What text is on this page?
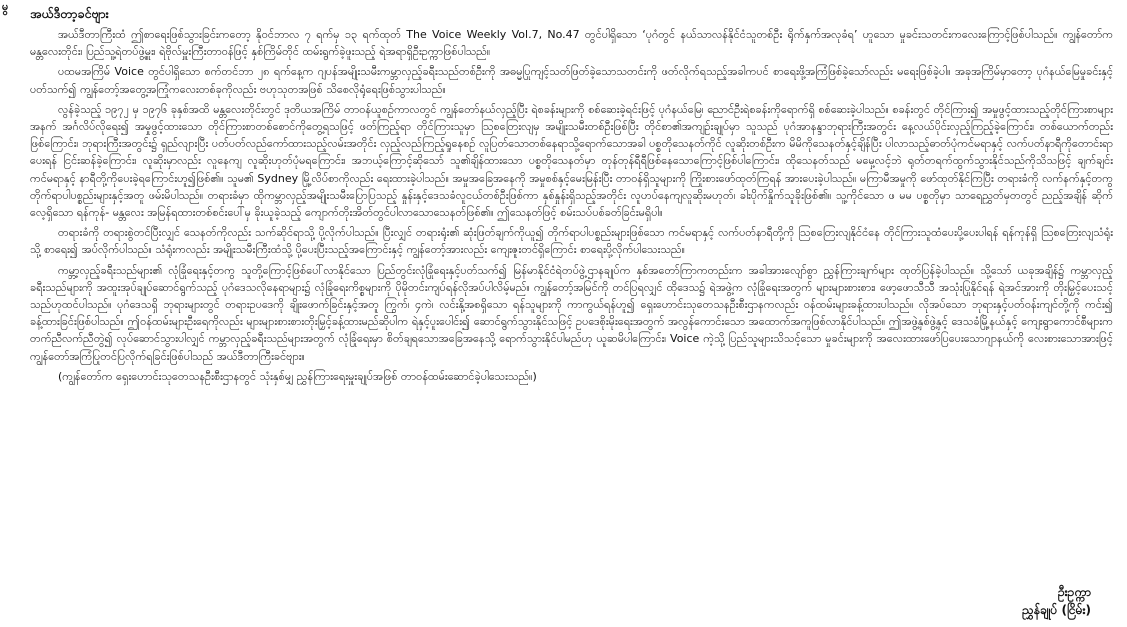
မွ အယ်ဒီတာ့ခင်ဗျား

အယ်ဒီတာကြီးထံ ဤစာရေးဖြစ်သွားခြင်းကတော့ နိုဝင်ဘာလ ၇ ရက်မှ ၁၃ ရက်ထုတ် The Voice Weekly Vol.7, No.47 တွင်ပါရှိသော ‘ပုဂံတွင် နယ်သာလန်နိုင်ငံသူတစ်ဦး ရိုက်နှက်အလုခံရ’ ဟူသော မှုခင်းသတင်းကလေးကြောင့်ဖြစ်ပါသည်။ ကျွန်တော်က မန္တလေးတိုင်း၊ ပြည်သူ့ရဲတပ်ဖွဲ့မှူး၊ ရဲဗိုလ်မှူးကြီးတာဝန်ဖြင့် နှစ်ကြိမ်တိုင် ထမ်းရွက်ခဲ့ဖူးသည့် ရဲအရာရှိဦးဥက္ကာဖြစ်ပါသည်။

ပထမအကြိမ် Voice တွင်ပါရှိသော စက်တင်ဘာ ၂၈ ရက်နေ့က ဂျပန်အမျိုးသမီးကမ္ဘာလှည့်ခရီးသည်တစ်ဦးကို အဓမ္မပြုကျင့်သတ်ဖြတ်ခဲ့သောသတင်းကို ဖတ်လိုက်ရသည့်အခါကပင် စာရေးဖို့အကြံဖြစ်ခဲ့သော်လည်း မရေးဖြစ်ခဲ့ပါ။ အခုအကြိမ်မှာတော့ ပုဂံနယ်မြေမှုခင်းနှင့်ပတ်သက်၍ ကျွန်တော့်အတွေ့အကြုံကလေးတစ်ခုကိုလည်း ဗဟုသုတအဖြစ် သိစေလိုရုံရေးဖြစ်သွားပါသည်။

လွန်ခဲ့သည့် ၁၉၇၂ မှ ၁၉၇၆ ခုနှစ်အထိ မန္တလေးတိုင်းတွင် ဒုတိယအကြိမ် တာဝန်ယူစဉ်ကာလတွင် ကျွန်တော်နယ်လှည့်ပြီး ရဲစခန်းများကို စစ်ဆေးခဲ့ရင်းဖြင့် ပုဂံနယ်မြေ၊ ညောင်ဦးရဲစခန်းကိုရောက်ရှိ စစ်ဆေးခဲ့ပါသည်။ စခန်းတွင် တိုင်ကြား၍ အမှုဖွင့်ထားသည့်တိုင်ကြားစာများအနက် အင်္ဂလိပ်လိုရေး၍ အမှုဖွင့်ထားသော တိုင်ကြားစာတစ်စောင်ကိုတွေ့ရသဖြင့် ဖတ်ကြည့်ရာ တိုင်ကြားသူမှာ ဩစတြေးလျမှ အမျိုးသမီးတစ်ဦးဖြစ်ပြီး တိုင်စာ၏အကျဉ်းချုပ်မှာ သူသည် ပုဂံအာနန္ဒာဘုရားကြီးအတွင်း နေ့လယ်ပိုင်းလှည့်ကြည့်ခဲ့ကြောင်း၊ တစ်ယောက်တည်းဖြစ်ကြောင်း၊ ဘုရားကြီးအတွင်း၌ ရှည်လျားပြီး ပတ်ပတ်လည်ကော်ထားသည့်လမ်းအတိုင်း လှည့်လည်ကြည့်ရှုနေစဉ် လူပြတ်သောတစ်နေရာသို့ရောက်သောအခါ ပစ္စတိုသေနတ်ကိုင် လူဆိုးတစ်ဦးက မိမိကိုသေနတ်နှင့်ချိန်ပြီး ပါလာသည့်ဓာတ်ပုံကင်မရာနှင့် လက်ပတ်နာရီကိုတောင်းရာ ပေးရန် ငြင်းဆန်ခဲ့ကြောင်း၊ လူဆိုးမှာလည်း လူနေကျ လူဆိုးဟုတ်ပုံမရကြောင်း၊ အဘယ့်ကြောင့်ဆိုသော် သူ၏ချိန်ထားသော ပစ္စတိုသေနတ်မှာ တုန်တုန်ရီရီဖြစ်နေသောကြောင့်ဖြစ်ပါကြောင်း၊ ထိုသေနတ်သည် မမှေ့လင့်ဘဲ ရုတ်တရက်ထွက်သွားနိုင်သည်ကိုသိသဖြင့် ချက်ချင်းကင်မရာနှင့် နာရီတို့ကိုပေးခဲ့ရကြောင်းဟူ၍ဖြစ်၏။ သူမ၏ Sydney မြို့လိပ်စာကိုလည်း ရေးထားခဲ့ပါသည်။ အမှုအခြေအနေကို အမှုစစ်နှင့်မေးမြန်းပြီး တာဝန်ရှိသူများကို ကြိုးစားဖော်ထုတ်ကြရန် အားပေးခဲ့ပါသည်။ မကြာမီအမှုကို ဖော်ထုတ်နိုင်ကြပြီး တရားခံကို လက်နက်နှင့်တကွ တိုက်ရာပါပစ္စည်းများနှင့်အတူ ဖမ်းမိပါသည်။ တရားခံမှာ ထိုကမ္ဘာလှည့်အမျိုးသမီးပြောပြသည့် နှုန်းနှင့်ဒေသခံလူငယ်တစ်ဦးဖြစ်ကာ နှစ်နှုန်းရှိသည့်အတိုင်း လူဟပ်နေကျလူဆိုးမဟုတ်၊ ခါးပိုက်နှိုက်သူခိုးဖြစ်၏။ သူ့ကိုင်သော ဖ မမ ပစ္စတိုမှာ သာရေညွှတ်မှတတွင် ညည့်အချိန် ဆိုက်လေ့ရှိသော ရန်ကုန်- မန္တလေး အမြန်ရထားတစ်စင်းပေါ်မှ ခိုးယူခဲ့သည့် ကျောက်တိုးအိတ်တွင်ပါလာသောသေနတ်ဖြစ်၏။ ဤသေနတ်ဖြင့် စမ်းသပ်ပစ်ခတ်ခြင်းမရှိပါ။

တရားခံကို တရားစွဲတင်ပြီးလျှင် သေနတ်ကိုလည်း သက်ဆိုင်ရာသို့ ပို့လိုက်ပါသည်။ ပြီးလျှင် တရားရုံး၏ ဆုံးဖြတ်ချက်ကိုယူ၍ တိုက်ရာပါပစ္စည်းများဖြစ်သော ကင်မရာနှင့် လက်ပတ်နာရီတို့ကို ဩစတြေးလျနိုင်ငံနေ တိုင်ကြားသူထံပေးပို့ပေးပါရန် ရန်ကုန်ရှိ ဩစတြေးလျသံရုံးသို့ စာရေး၍ အပ်လိုက်ပါသည်။ သံရုံးကလည်း အမျိုးသမီးကြီးထံသို့ ပို့ပေးပြီးသည့်အကြောင်းနှင့် ကျွန်တော့်အားလည်း ကျေးဇူးတင်ရှိကြောင်း စာရေးပို့လိုက်ပါသေးသည်။

ကမ္ဘာ့လှည့်ခရီးသည်များ၏ လုံခြုံရေးနှင့်တကွ သူတို့ကြောင့်ဖြစ်ပေါ်လာနိုင်သော ပြည်တွင်းလုံခြုံရေးနှင့်ပတ်သက်၍ မြန်မာနိုင်ငံရဲတပ်ဖွဲ့ဌာနချုပ်က နှစ်အတော်ကြာကတည်းက အခါအားလျော်စွာ ညွှန်ကြားချက်များ ထုတ်ပြန်ခဲ့ပါသည်။ သို့သော် ယခုအချိန်၌ ကမ္ဘာလှည့်ခရီးသည်များကို အထူးအုပ်ချုပ်ဆောင်ရွက်သည့် ပုဂံဒေသလိုနေရာများ၌ လုံခြုံရေးကိစ္စများကို ပိုမိုတင်းကျပ်ရန်လိုအပ်ပါလိမ့်မည်။ ကျွန်တော့်အမြင်ကို တင်ပြရလျှင် ထိုဒေသ၌ ရဲအဖွဲ့က လုံခြုံရေးအတွက် များများစားစား၊ ဖော့ဖောသီသီ အသုံးပြုနိုင်ရန် ရဲအင်အားကို တိုးမြှင့်ပေးသင့်သည်ဟုထင်ပါသည်။ ပုဂံဒေသရှိ ဘုရားများတွင် တရားဥပဒေကို ချိုးဖောက်ခြင်းနှင့်အတူ ကြွက်၊ ၄ကဲ၊ လင်းနို့အစရှိသော ရန်သူများကို ကာကွယ်ရန်ဟူ၍ ရှေးဟောင်းသုတေသနဦးစီးဌာနကလည်း ဝန်ထမ်းများခန့်ထားပါသည်။ လိုအပ်သော ဘုရားနှင့်ပတ်ဝန်းကျင်တို့ကို ကင်း၍ ခန့်ထားခြင်းဖြစ်ပါသည်။ ဤဝန်ထမ်းများဦးရေကိုလည်း များများစားစားတိုးမြှင့်ခန့်ထားမည်ဆိုပါက ရဲနှင့်ပူးပေါင်း၍ ဆောင်ရွက်သွားနိုင်သဖြင့် ဥပဒေစိုးမိုးရေးအတွက် အလွန်ကောင်းသော အထောက်အကူဖြစ်လာနိုင်ပါသည်။ ဤအဖွဲ့နှစ်ဖွဲ့နှင့် ဒေသခံမြို့နယ်နှင့် ကျေးရွာကောင်စီများက တက်ညီလက်ညီတွဲ၍ လုပ်ဆောင်သွားပါလျှင် ကမ္ဘာလှည့်ခရီးသည်များအတွက် လုံခြုံရေးမှာ စိတ်ချရသောအခြေအနေသို့ ရောက်သွားနိုင်ပါမည်ဟု ယူဆမိပါကြောင်း၊ Voice ကဲ့သို့ ပြည်သူများသိသင့်သော မှုခင်းများကို အလေးထားဖော်ပြပေးသောဂျာနယ်ကို လေးစားသောအားဖြင့် ကျွန်တော်အကြံပြုတင်ပြလိုက်ရခြင်းဖြစ်ပါသည် အယ်ဒီတာကြီးခင်ဗျား။

(ကျွန်တော်က ရှေးဟောင်းသုတေသနဦးစီးဌာနတွင် သုံးနှစ်မျှ ညွှန်ကြားရေးမှူးချုပ်အဖြစ် တာဝန်ထမ်းဆောင်ခဲ့ပါသေးသည်။)

ဦးဥက္ကာ
ညွှန်ချုပ် (ငြိမ်း)
